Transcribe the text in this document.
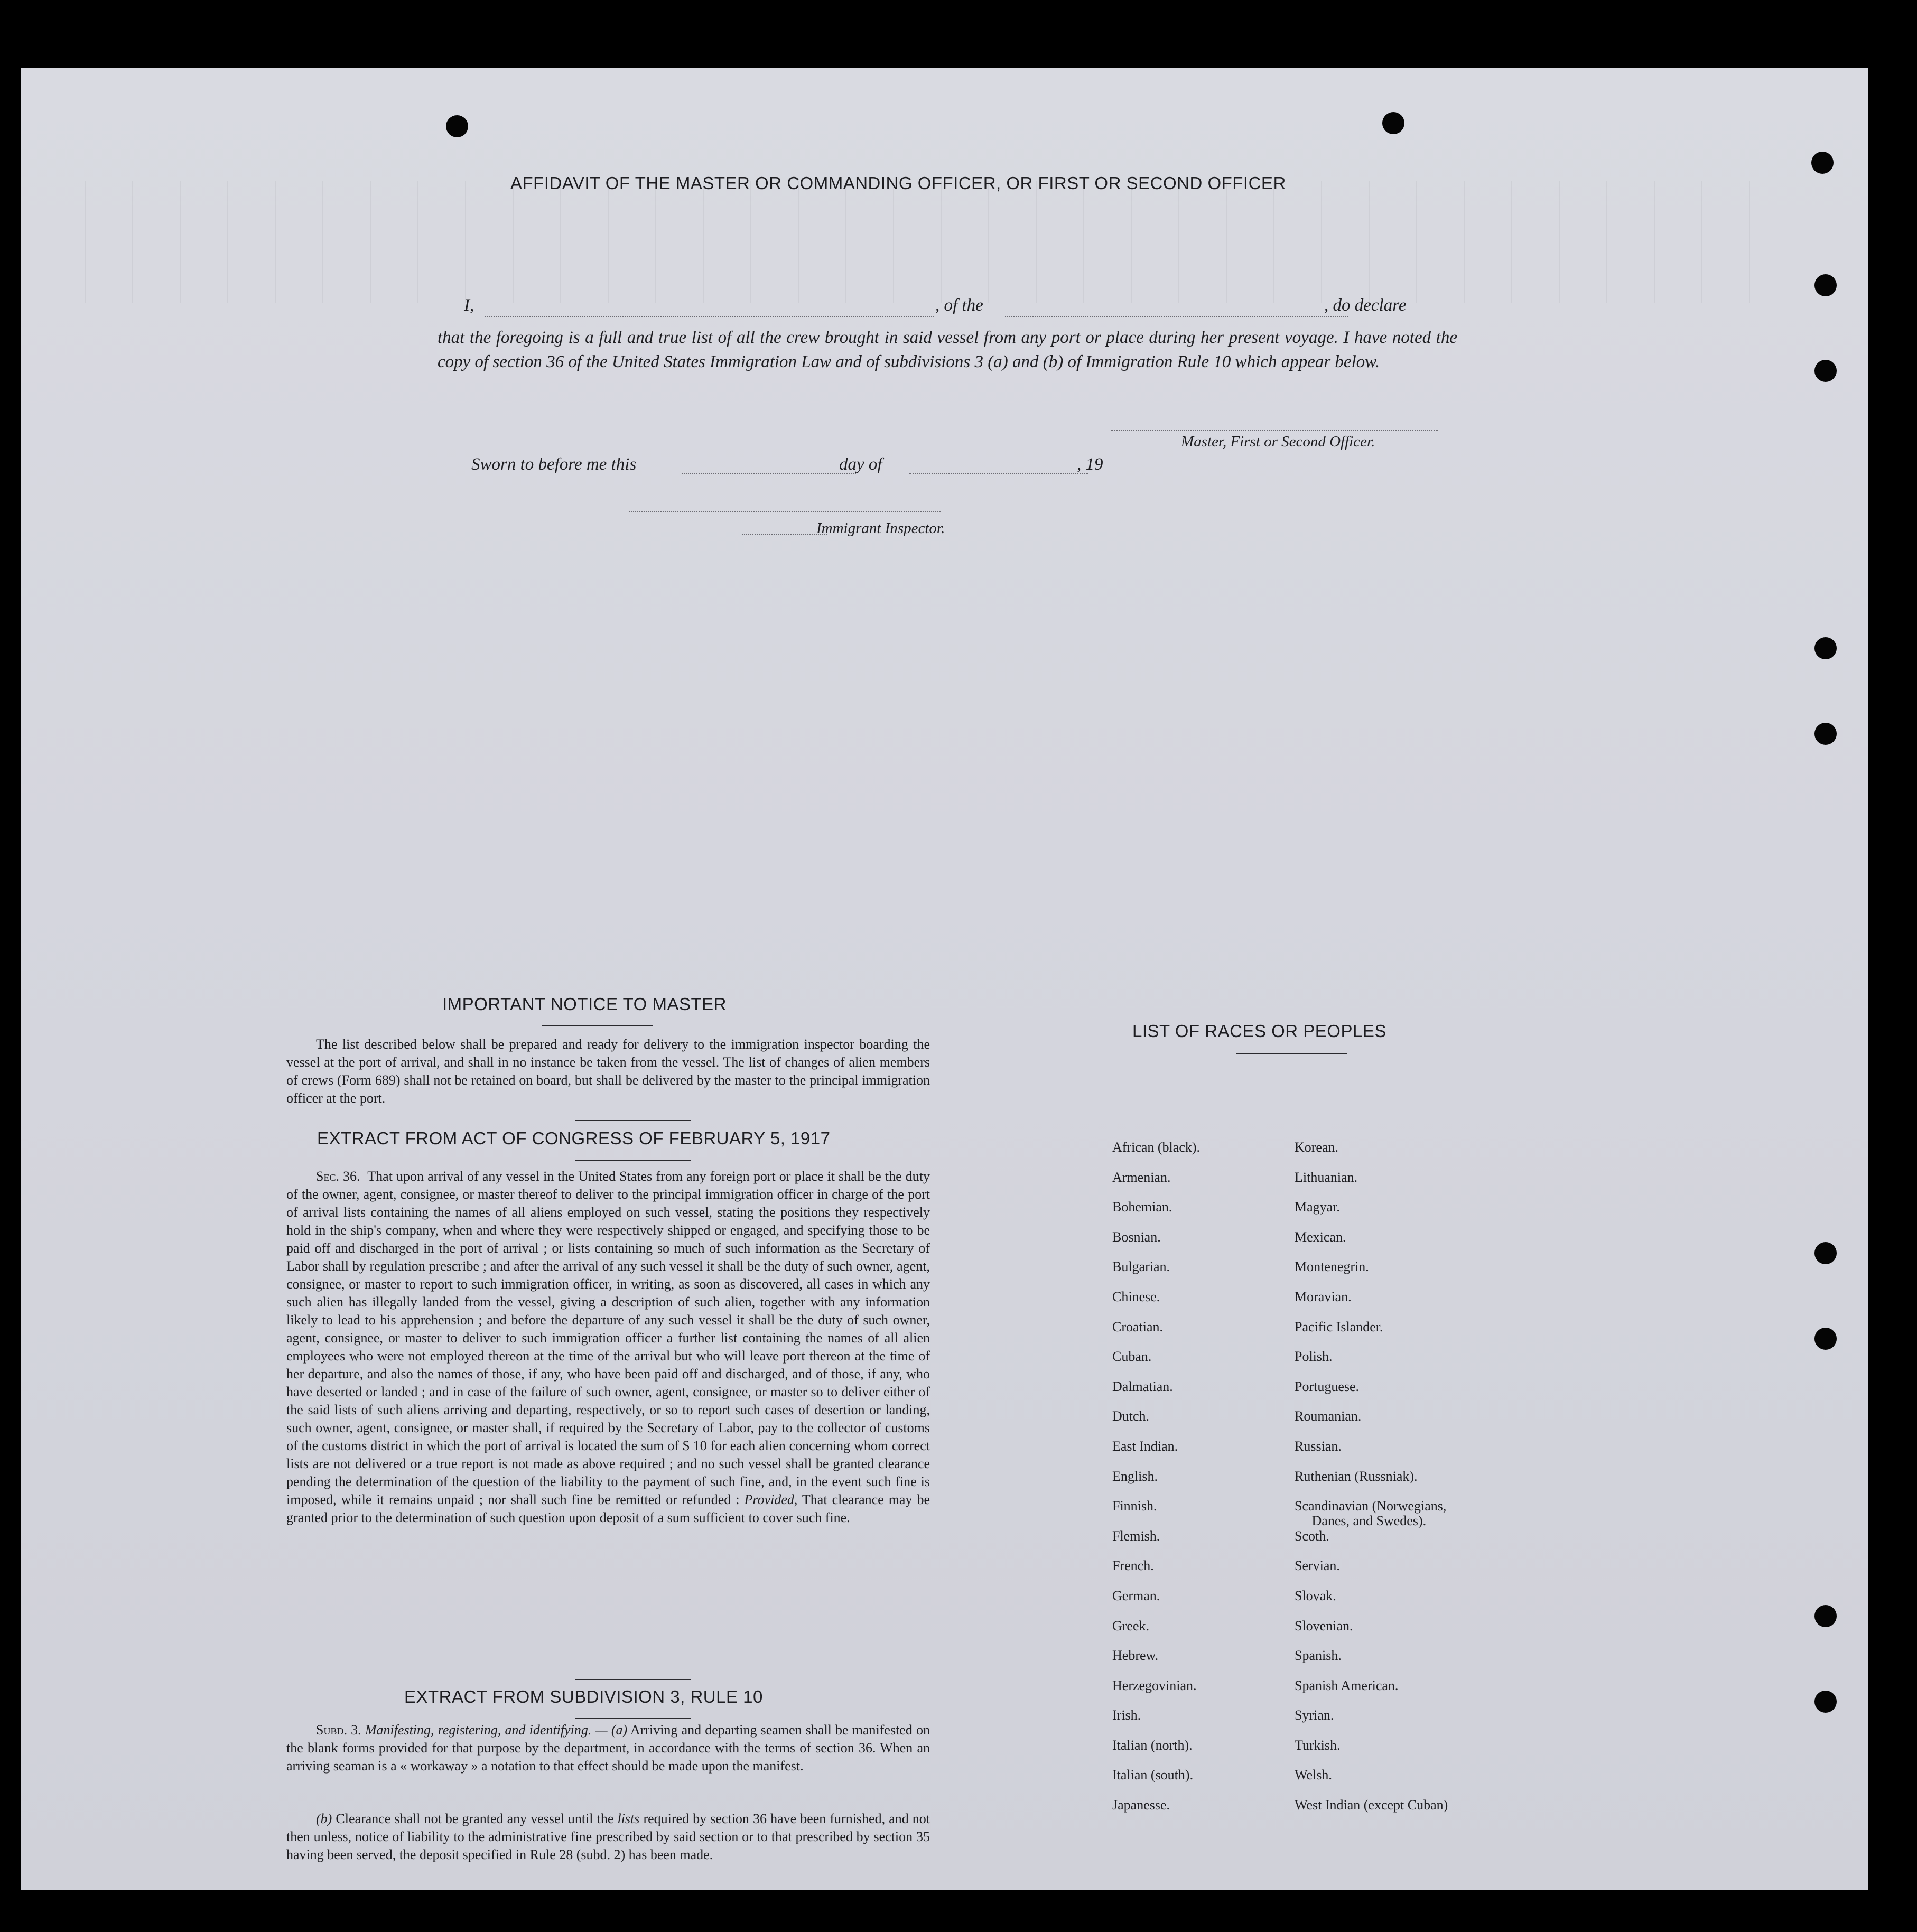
AFFIDAVIT OF THE MASTER OR COMMANDING OFFICER, OR FIRST OR SECOND OFFICER
I,	, of the	, do declare
that the foregoing is a full and true list of all the crew brought in said vessel from any port or place during her present voyage. I have noted the copy of section 36 of the United States Immigration Law and of subdivisions 3 (a) and (b) of Immigration Rule 10 which appear below.
Master, First or Second Officer.
Sworn to before me this	day of	, 19
Immigrant Inspector.
IMPORTANT NOTICE TO MASTER
The list described below shall be prepared and ready for delivery to the immigration inspector boarding the vessel at the port of arrival, and shall in no instance be taken from the vessel. The list of changes of alien members of crews (Form 689) shall not be retained on board, but shall be delivered by the master to the principal immigration officer at the port.
EXTRACT FROM ACT OF CONGRESS OF FEBRUARY 5, 1917
Sec. 36. That upon arrival of any vessel in the United States from any foreign port or place it shall be the duty of the owner, agent, consignee, or master thereof to deliver to the principal immigration officer in charge of the port of arrival lists containing the names of all aliens employed on such vessel, stating the positions they respectively hold in the ship's company, when and where they were respectively shipped or engaged, and specifying those to be paid off and discharged in the port of arrival ; or lists containing so much of such information as the Secretary of Labor shall by regulation prescribe ; and after the arrival of any such vessel it shall be the duty of such owner, agent, consignee, or master to report to such immigration officer, in writing, as soon as discovered, all cases in which any such alien has illegally landed from the vessel, giving a description of such alien, together with any information likely to lead to his apprehension ; and before the departure of any such vessel it shall be the duty of such owner, agent, consignee, or master to deliver to such immigration officer a further list containing the names of all alien employees who were not employed thereon at the time of the arrival but who will leave port thereon at the time of her departure, and also the names of those, if any, who have been paid off and discharged, and of those, if any, who have deserted or landed ; and in case of the failure of such owner, agent, consignee, or master so to deliver either of the said lists of such aliens arriving and departing, respectively, or so to report such cases of desertion or landing, such owner, agent, consignee, or master shall, if required by the Secretary of Labor, pay to the collector of customs of the customs district in which the port of arrival is located the sum of $ 10 for each alien concerning whom correct lists are not delivered or a true report is not made as above required ; and no such vessel shall be granted clearance pending the determination of the question of the liability to the payment of such fine, and, in the event such fine is imposed, while it remains unpaid ; nor shall such fine be remitted or refunded : Provided, That clearance may be granted prior to the determination of such question upon deposit of a sum sufficient to cover such fine.
EXTRACT FROM SUBDIVISION 3, RULE 10
Subd. 3. Manifesting, registering, and identifying. — (a) Arriving and departing seamen shall be manifested on the blank forms provided for that purpose by the department, in accordance with the terms of section 36. When an arriving seaman is a « workaway » a notation to that effect should be made upon the manifest.
(b) Clearance shall not be granted any vessel until the lists required by section 36 have been furnished, and not then unless, notice of liability to the administrative fine prescribed by said section or to that prescribed by section 35 having been served, the deposit specified in Rule 28 (subd. 2) has been made.
LIST OF RACES OR PEOPLES
African (black).	Korean.
Armenian.	Lithuanian.
Bohemian.	Magyar.
Bosnian.	Mexican.
Bulgarian.	Montenegrin.
Chinese.	Moravian.
Croatian.	Pacific Islander.
Cuban.	Polish.
Dalmatian.	Portuguese.
Dutch.	Roumanian.
East Indian.	Russian.
English.	Ruthenian (Russniak).
Finnish.	Scandinavian (Norwegians,
Danes, and Swedes).
Flemish.	Scoth.
French.	Servian.
German.	Slovak.
Greek.	Slovenian.
Hebrew.	Spanish.
Herzegovinian.	Spanish American.
Irish.	Syrian.
Italian (north).	Turkish.
Italian (south).	Welsh.
Japanesse.	West Indian (except Cuban)
